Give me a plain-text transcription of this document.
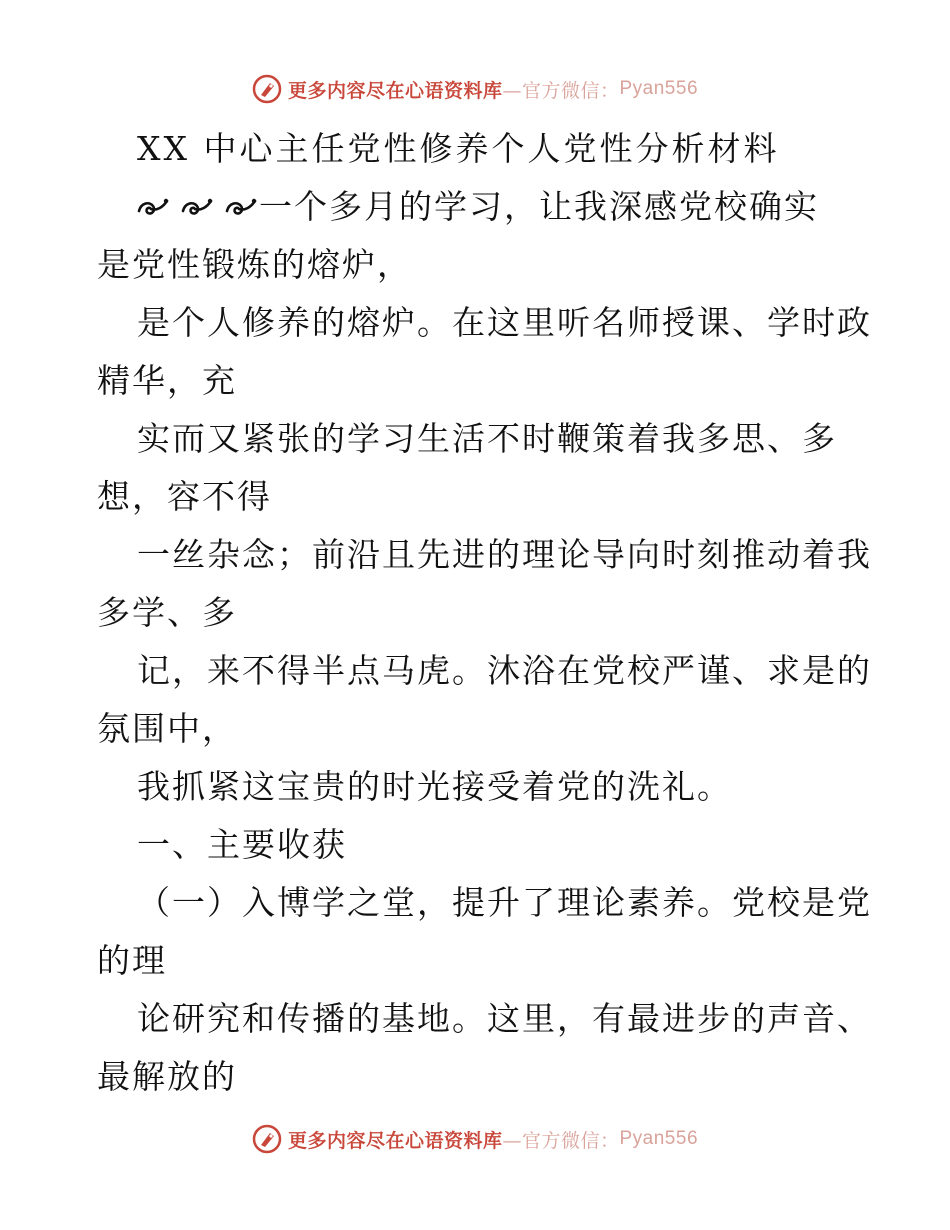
更多内容尽在心语资料库 —官方微信： Pyan556
XX 中心主任党性修养个人党性分析材料
一个多月的学习，让我深感党校确实
是党性锻炼的熔炉，
是个人修养的熔炉。在这里听名师授课、学时政
精华，充
实而又紧张的学习生活不时鞭策着我多思、多
想，容不得
一丝杂念；前沿且先进的理论导向时刻推动着我
多学、多
记，来不得半点马虎。沐浴在党校严谨、求是的
氛围中，
我抓紧这宝贵的时光接受着党的洗礼。
一、主要收获
（一）入博学之堂，提升了理论素养。党校是党
的理
论研究和传播的基地。这里，有最进步的声音、
最解放的
更多内容尽在心语资料库 —官方微信： Pyan556
